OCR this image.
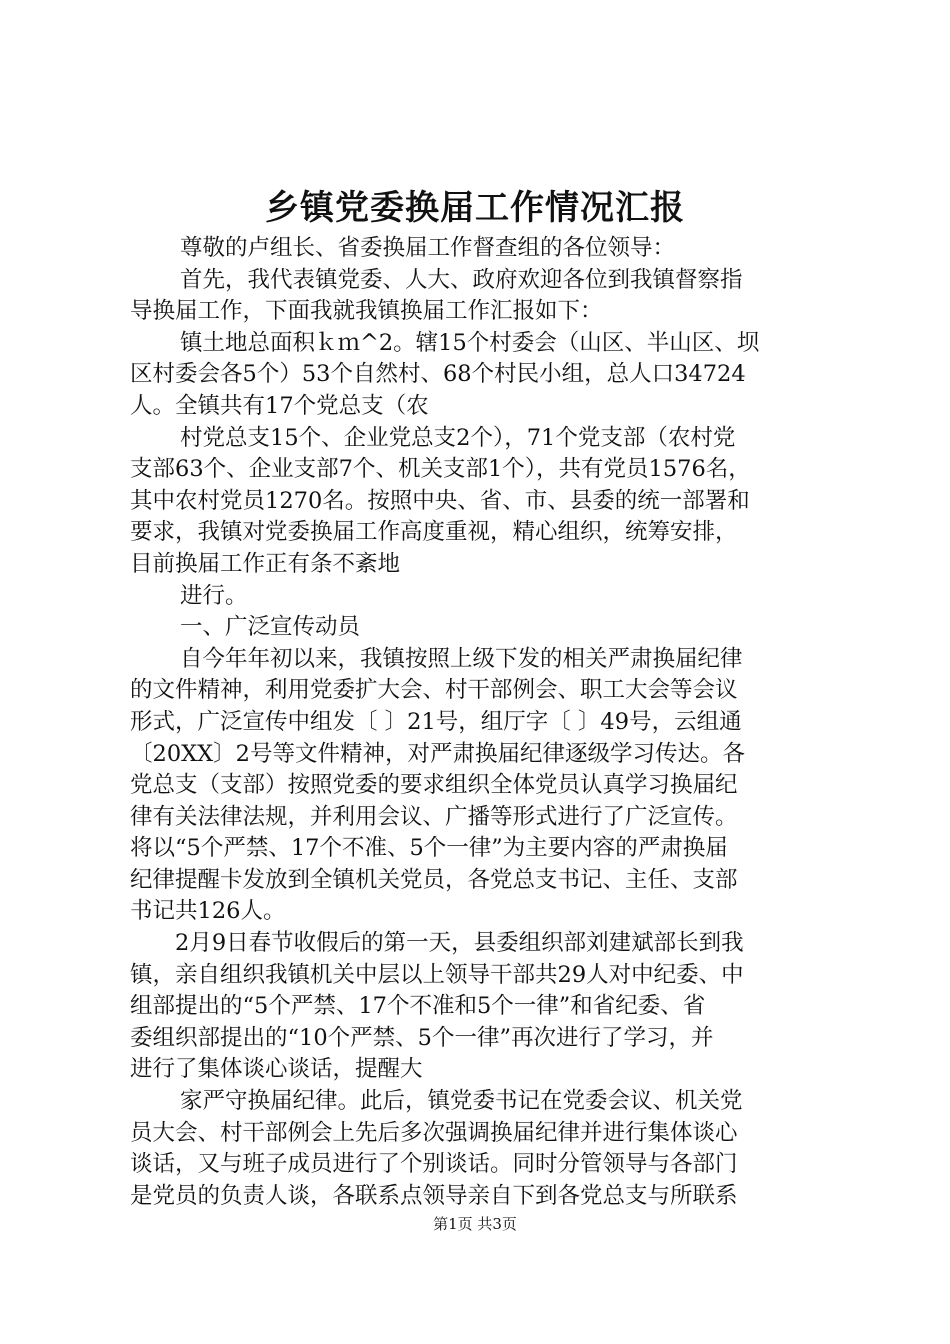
乡镇党委换届工作情况汇报
尊敬的卢组长、省委换届工作督查组的各位领导：
首先，我代表镇党委、人大、政府欢迎各位到我镇督察指
导换届工作，下面我就我镇换届工作汇报如下：
镇土地总面积ｋｍ^2。辖15个村委会（山区、半山区、坝
区村委会各5个）53个自然村、68个村民小组，总人口34724
人。全镇共有17个党总支（农
村党总支15个、企业党总支2个），71个党支部（农村党
支部63个、企业支部7个、机关支部1个），共有党员1576名，
其中农村党员1270名。按照中央、省、市、县委的统一部署和
要求，我镇对党委换届工作高度重视，精心组织，统筹安排，
目前换届工作正有条不紊地
进行。
一、广泛宣传动员
自今年年初以来，我镇按照上级下发的相关严肃换届纪律
的文件精神，利用党委扩大会、村干部例会、职工大会等会议
形式，广泛宣传中组发〔 〕21号，组厅字〔 〕49号，云组通
〔20XX〕2号等文件精神，对严肃换届纪律逐级学习传达。各
党总支（支部）按照党委的要求组织全体党员认真学习换届纪
律有关法律法规，并利用会议、广播等形式进行了广泛宣传。
将以“5个严禁、17个不准、5个一律”为主要内容的严肃换届
纪律提醒卡发放到全镇机关党员，各党总支书记、主任、支部
书记共126人。
2月9日春节收假后的第一天，县委组织部刘建斌部长到我
镇，亲自组织我镇机关中层以上领导干部共29人对中纪委、中
组部提出的“5个严禁、17个不准和5个一律”和省纪委、省
委组织部提出的“10个严禁、5个一律”再次进行了学习，并
进行了集体谈心谈话，提醒大
家严守换届纪律。此后，镇党委书记在党委会议、机关党
员大会、村干部例会上先后多次强调换届纪律并进行集体谈心
谈话，又与班子成员进行了个别谈话。同时分管领导与各部门
是党员的负责人谈，各联系点领导亲自下到各党总支与所联系
第1页 共3页
